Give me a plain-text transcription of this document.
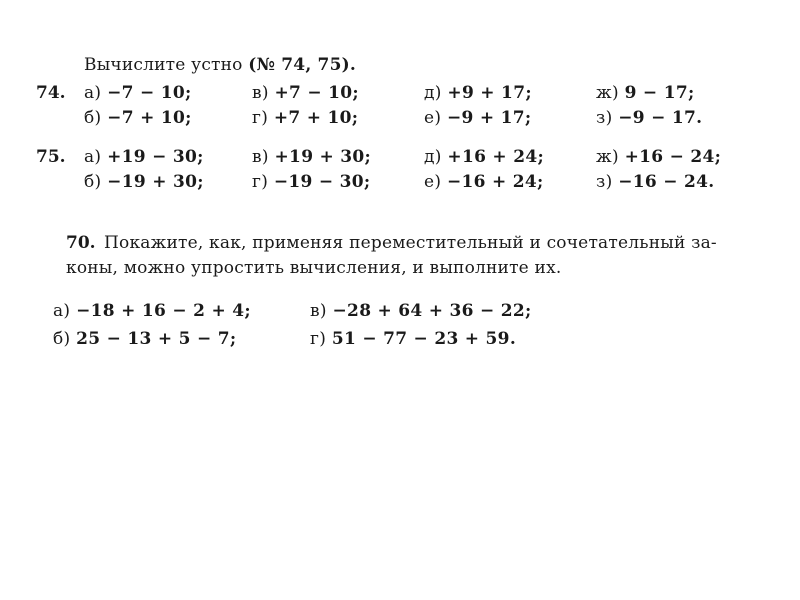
Вычислите устно (№ 74, 75).
74. а) −7 − 10;	в) +7 − 10;	д) +9 + 17;	ж) 9 − 17;
б) −7 + 10;	г) +7 + 10;	е) −9 + 17;	з) −9 − 17.
75. а) +19 − 30;	в) +19 + 30;	д) +16 + 24;	ж) +16 − 24;
б) −19 + 30;	г) −19 − 30;	е) −16 + 24;	з) −16 − 24.
70. Покажите, как, применяя переместительный и сочетательный за-
коны, можно упростить вычисления, и выполните их.
а) −18 + 16 − 2 + 4;	в) −28 + 64 + 36 − 22;
б) 25 − 13 + 5 − 7;	г) 51 − 77 − 23 + 59.
